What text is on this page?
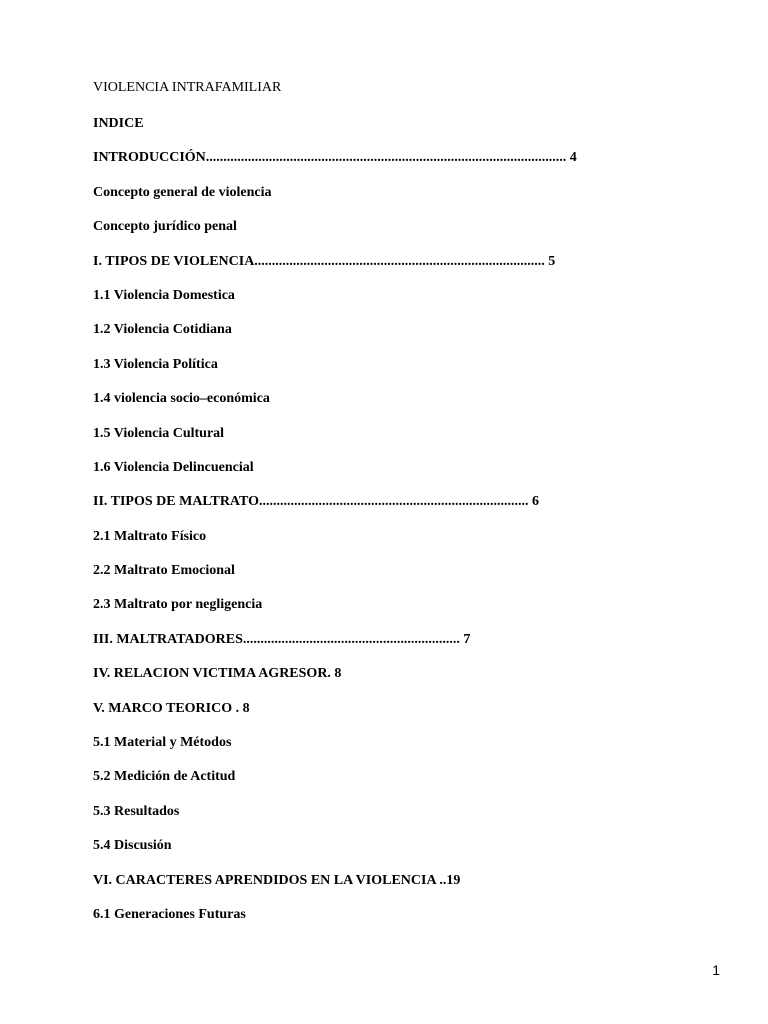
VIOLENCIA INTRAFAMILIAR

INDICE
INTRODUCCIÓN....................................................................................................... 4
Concepto general de violencia
Concepto jurídico penal
I. TIPOS DE VIOLENCIA................................................................................... 5
1.1 Violencia Domestica
1.2 Violencia Cotidiana
1.3 Violencia Política
1.4 violencia socio–económica
1.5 Violencia Cultural
1.6 Violencia Delincuencial
II. TIPOS DE MALTRATO............................................................................. 6
2.1 Maltrato Físico
2.2 Maltrato Emocional
2.3 Maltrato por negligencia
III. MALTRATADORES.............................................................. 7
IV. RELACION VICTIMA AGRESOR. 8
V. MARCO TEORICO . 8
5.1 Material y Métodos
5.2 Medición de Actitud
5.3 Resultados
5.4 Discusión
VI. CARACTERES APRENDIDOS EN LA VIOLENCIA ..19
6.1 Generaciones Futuras
1
